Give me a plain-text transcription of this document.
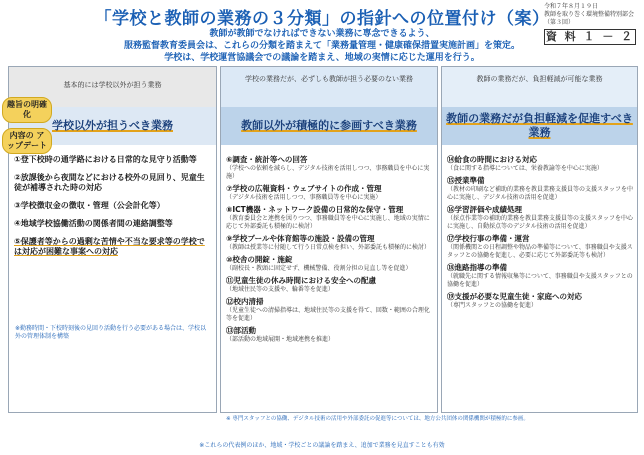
「学校と教師の業務の３分類」の指針への位置付け（案）
令和７年８月１９日
教師を取り巻く環境整備特別部会
（第３回）
資 料 １ － ２
教師が教師でなければできない業務に専念できるよう、
服務監督教育委員会は、これらの分類を踏まえて「業務量管理・健康確保措置実施計画」を策定。
学校は、学校運営協議会での議論を踏まえ、地域の実情に応じた運用を行う。
趣旨の明確化
内容の アップデート
基本的には学校以外が担う業務
学校以外が担うべき業務
①登下校時の通学路における日常的な見守り活動等
②放課後から夜間などにおける校外の見回り、児童生徒が補導された時の対応
③学校徴収金の徴収・管理（公会計化等）
④地域学校協働活動の関係者間の連絡調整等
⑤保護者等からの過剰な苦情や不当な要求等の学校では対応が困難な事案への対応
※勤務時間・下校時刻後の見回り活動を行う必要がある場合は、学校以外の管理体制を構築
学校の業務だが、必ずしも教師が担う必要のない業務
教師以外が積極的に参画すべき業務
⑥調査・統計等への回答
（学校への依頼を減らし、デジタル技術を活用しつつ、事務職員を中心に実施）
⑦学校の広報資料・ウェブサイトの作成・管理
（デジタル技術を活用しつつ、事務職員等を中心に実施）
⑧ICT機器・ネットワーク設備の日常的な保守・管理
（教育委員会と連携を図りつつ、事務職員等を中心に実施し、地域の実情に応じて外部委託も積極的に検討）
⑨学校プールや体育館等の施設・設備の管理
（教師は授業等に付随して行う日常点検を担い、外部委託も積極的に検討）
⑩校舎の開錠・施錠
（副校長・教頭に固定せず、機械警備、役割分担の見直し等を促進）
⑪児童生徒の休み時間における安全への配慮
（地域住民等の支援や、輪番等を促進）
⑫校内清掃
（児童生徒への清掃指導は、地域住民等の支援を得て、回数・範囲の合理化等を促進）
⑬部活動
（部活動の地域展開・地域連携を推進）
教師の業務だが、負担軽減が可能な業務
教師の業務だが負担軽減を促進すべき業務
⑭給食の時間における対応
（食に関する指導については、栄養教諭等を中心に実施）
⑮授業準備
（教材の印刷など補助的業務を教員業務支援員等の支援スタッフを中心に実施し、デジタル技術の活用を促進）
⑯学習評価や成績処理
（採点作業等の補助的業務を教員業務支援員等の支援スタッフを中心に実施し、自動採点等のデジタル技術の活用を促進）
⑰学校行事の準備・運営
（関係機関との日程調整や物品の準備等について、事務職員や支援スタッフとの協働を促進し、必要に応じて外部委託等も検討）
⑱進路指導の準備
（就職先に関する情報収集等について、事務職員や支援スタッフとの協働を促進）
⑲支援が必要な児童生徒・家庭への対応
（専門スタッフとの協働を促進）
※ 専門スタッフとの協働、デジタル技術の活用や外部委託の促進等については、地方公共団体の関係機関が積極的に参画。
※これらの代表例のほか、地域・学校ごとの議論を踏まえ、追加で業務を見直すことも有効
